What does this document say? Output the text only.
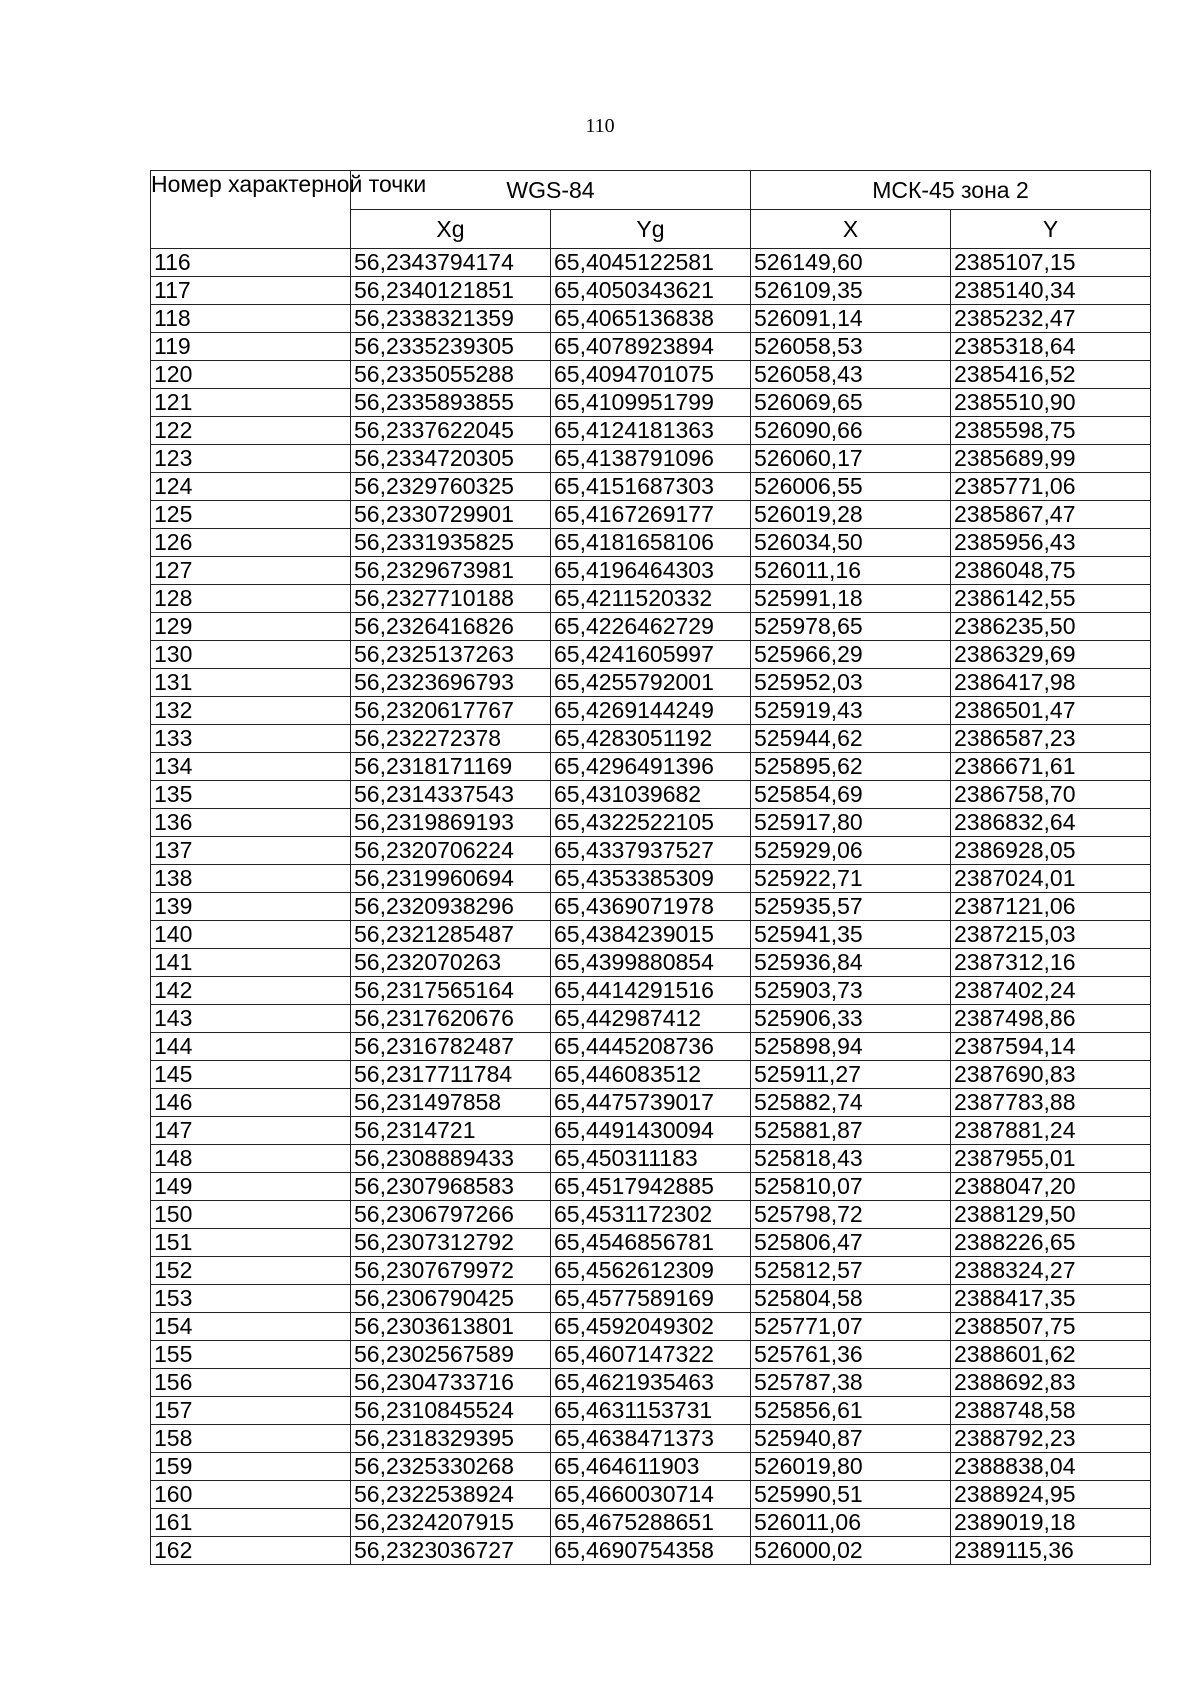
110
Номер характерной точки	WGS-84		МСК-45 зона 2	
	Xg	Yg	X	Y
116	56,2343794174	65,4045122581	526149,60	2385107,15
117	56,2340121851	65,4050343621	526109,35	2385140,34
118	56,2338321359	65,4065136838	526091,14	2385232,47
119	56,2335239305	65,4078923894	526058,53	2385318,64
120	56,2335055288	65,4094701075	526058,43	2385416,52
121	56,2335893855	65,4109951799	526069,65	2385510,90
122	56,2337622045	65,4124181363	526090,66	2385598,75
123	56,2334720305	65,4138791096	526060,17	2385689,99
124	56,2329760325	65,4151687303	526006,55	2385771,06
125	56,2330729901	65,4167269177	526019,28	2385867,47
126	56,2331935825	65,4181658106	526034,50	2385956,43
127	56,2329673981	65,4196464303	526011,16	2386048,75
128	56,2327710188	65,4211520332	525991,18	2386142,55
129	56,2326416826	65,4226462729	525978,65	2386235,50
130	56,2325137263	65,4241605997	525966,29	2386329,69
131	56,2323696793	65,4255792001	525952,03	2386417,98
132	56,2320617767	65,4269144249	525919,43	2386501,47
133	56,232272378	65,4283051192	525944,62	2386587,23
134	56,2318171169	65,4296491396	525895,62	2386671,61
135	56,2314337543	65,431039682	525854,69	2386758,70
136	56,2319869193	65,4322522105	525917,80	2386832,64
137	56,2320706224	65,4337937527	525929,06	2386928,05
138	56,2319960694	65,4353385309	525922,71	2387024,01
139	56,2320938296	65,4369071978	525935,57	2387121,06
140	56,2321285487	65,4384239015	525941,35	2387215,03
141	56,232070263	65,4399880854	525936,84	2387312,16
142	56,2317565164	65,4414291516	525903,73	2387402,24
143	56,2317620676	65,442987412	525906,33	2387498,86
144	56,2316782487	65,4445208736	525898,94	2387594,14
145	56,2317711784	65,446083512	525911,27	2387690,83
146	56,231497858	65,4475739017	525882,74	2387783,88
147	56,2314721	65,4491430094	525881,87	2387881,24
148	56,2308889433	65,450311183	525818,43	2387955,01
149	56,2307968583	65,4517942885	525810,07	2388047,20
150	56,2306797266	65,4531172302	525798,72	2388129,50
151	56,2307312792	65,4546856781	525806,47	2388226,65
152	56,2307679972	65,4562612309	525812,57	2388324,27
153	56,2306790425	65,4577589169	525804,58	2388417,35
154	56,2303613801	65,4592049302	525771,07	2388507,75
155	56,2302567589	65,4607147322	525761,36	2388601,62
156	56,2304733716	65,4621935463	525787,38	2388692,83
157	56,2310845524	65,4631153731	525856,61	2388748,58
158	56,2318329395	65,4638471373	525940,87	2388792,23
159	56,2325330268	65,464611903	526019,80	2388838,04
160	56,2322538924	65,4660030714	525990,51	2388924,95
161	56,2324207915	65,4675288651	526011,06	2389019,18
162	56,2323036727	65,4690754358	526000,02	2389115,36
